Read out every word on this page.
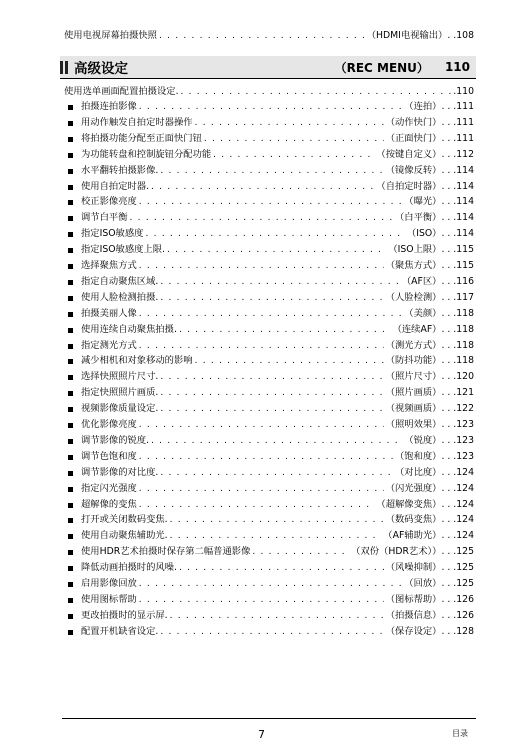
使用电视屏幕拍摄快照 . . .	（HDMI电视输出）. .108
高级设定	（REC MENU） 110
使用选单画面配置拍摄设定. . . .	.110
拍摄连拍影像 . . .	（连拍）. . .111
用动作触发自拍定时器操作 . . .	（动作快门）. . .111
将拍摄功能分配至正面快门钮 . . .	（正面快门）. . .111
为功能转盘和控制旋钮分配功能 . . .	（按键自定义）. . .112
水平翻转拍摄影像. . . .	（镜像反转）. . .114
使用自拍定时器. . . .	（自拍定时器）. . .114
校正影像亮度 . . .	（曝光）. . .114
调节白平衡 . . .	（白平衡）. . .114
指定ISO敏感度 . . .	（ISO）. . .114
指定ISO敏感度上限. . . .	（ISO上限）. . .115
选择聚焦方式 . . .	（聚焦方式）. . .115
指定自动聚焦区域. . . .	（AF区）. . .116
使用人脸检测拍摄. . . .	（人脸检测）. . .117
拍摄美丽人像 . . .	（美颜）. . .118
使用连续自动聚焦拍摄. . . .	（连续AF）. . .118
指定测光方式 . . .	（测光方式）. . .118
减少相机和对象移动的影响 . . .	（防抖功能）. . .118
选择快照照片尺寸. . . .	（照片尺寸）. . .120
指定快照照片画质. . . .	（照片画质）. . .121
视频影像质量设定. . . .	（视频画质）. . .122
优化影像亮度 . . .	（照明效果）. . .123
调节影像的锐度. . . .	（锐度）. . .123
调节色饱和度 . . .	（饱和度）. . .123
调节影像的对比度. . . .	（对比度）. . .124
指定闪光强度 . . .	（闪光强度）. . .124
超解像的变焦 . . .	（超解像变焦）. . .124
打开或关闭数码变焦. . . .	（数码变焦）. . .124
使用自动聚焦辅助光. . . .	（AF辅助光）. . .124
使用HDR艺术拍摄时保存第二幅普通影像 . . .	（双份（HDR艺术））. . .125
降低动画拍摄时的风噪. . . .	（风噪抑制）. . .125
启用影像回放 . . .	（回放）. . .125
使用图标帮助 . . .	（图标帮助）. . .126
更改拍摄时的显示屏. . . .	（拍摄信息）. . .126
配置开机缺省设定. . . .	（保存设定）. . .128
7	目录
